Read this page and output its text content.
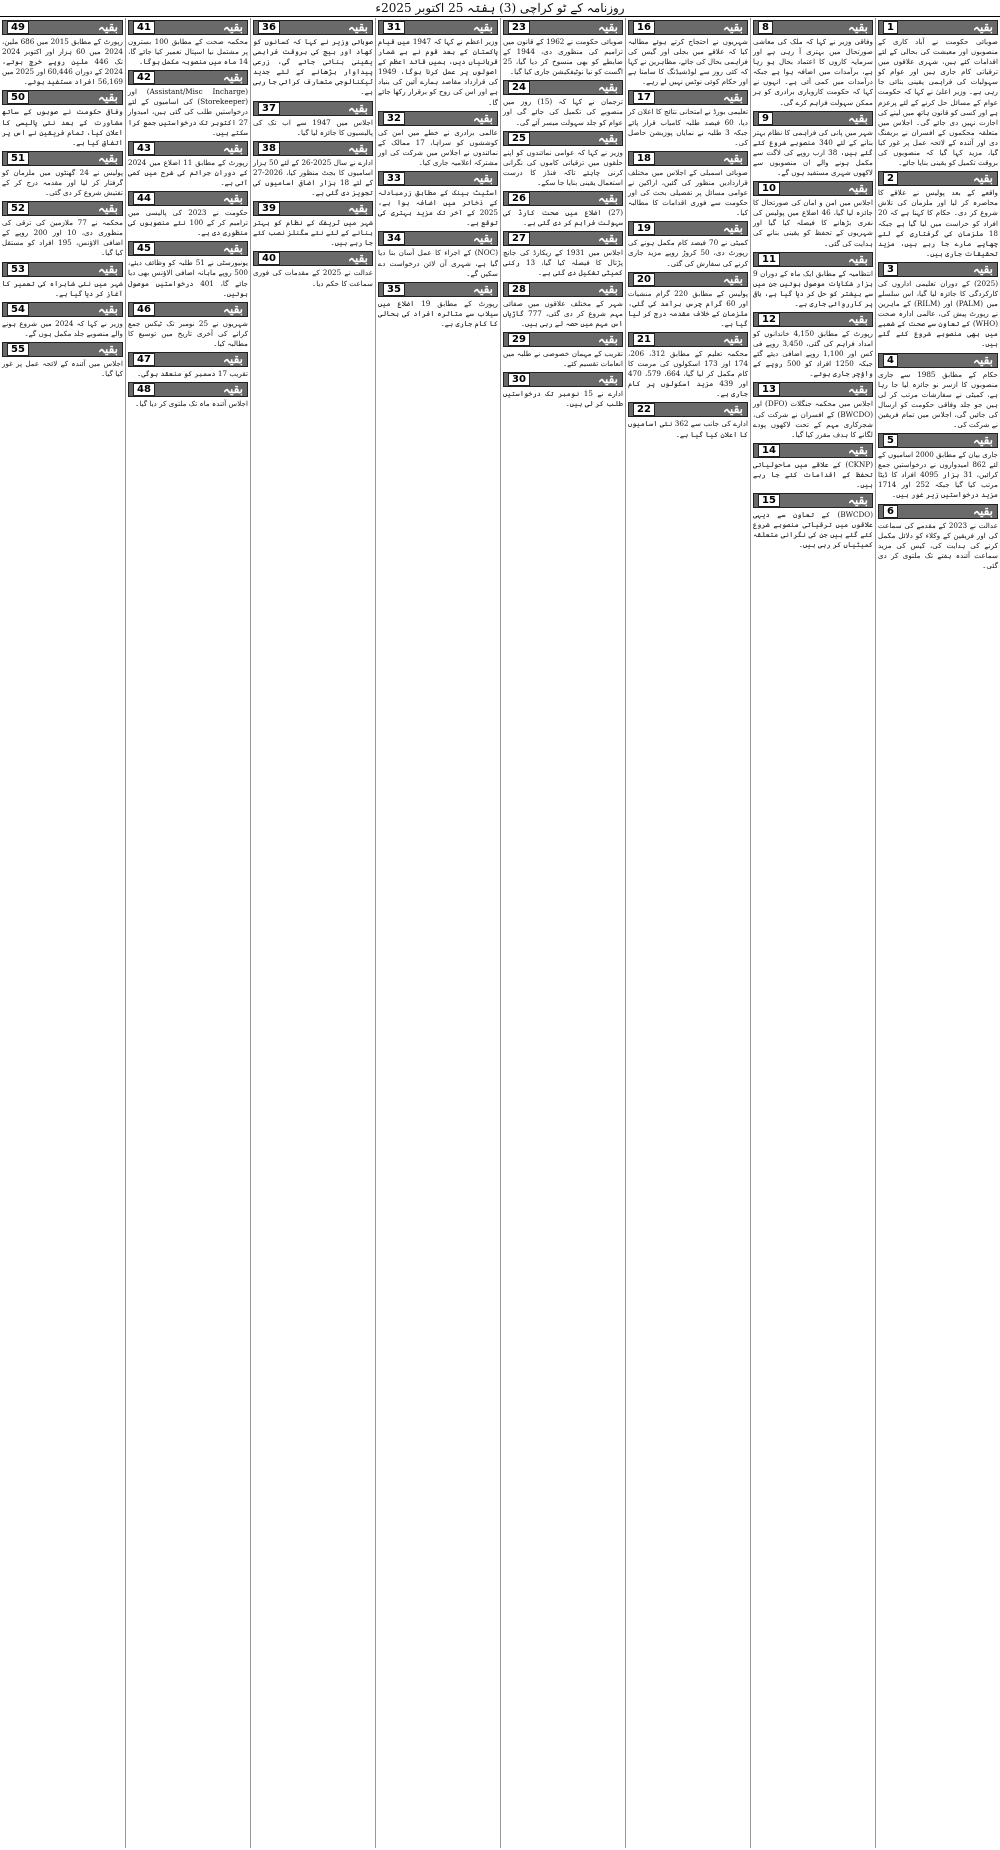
روزنامہ کے ٹو کراچی (3) ہفتہ 25 اکتوبر 2025ء
بقیہ
1
صوبائی حکومت نے آباد کاری کے منصوبوں اور معیشت کی بحالی کے لئے اقدامات کئے ہیں، شہری علاقوں میں ترقیاتی کام جاری ہیں اور عوام کو سہولیات کی فراہمی یقینی بنائی جا رہی ہے۔ وزیر اعلیٰ نے کہا کہ حکومت عوام کے مسائل حل کرنے کے لئے پرعزم ہے اور کسی کو قانون ہاتھ میں لینے کی اجازت نہیں دی جائے گی۔ اجلاس میں متعلقہ محکموں کے افسران نے بریفنگ دی اور آئندہ کے لائحہ عمل پر غور کیا گیا، مزید کہا گیا کہ منصوبوں کی بروقت تکمیل کو یقینی بنایا جائے۔
بقیہ
2
واقعے کے بعد پولیس نے علاقے کا محاصرہ کر لیا اور ملزمان کی تلاش شروع کر دی۔ حکام کا کہنا ہے کہ 20 افراد کو حراست میں لیا گیا ہے جبکہ 18 ملزمان کی گرفتاری کے لئے چھاپے مارے جا رہے ہیں، مزید تحقیقات جاری ہیں۔
بقیہ
3
(2025) کے دوران تعلیمی اداروں کی کارکردگی کا جائزہ لیا گیا، اس سلسلے میں (PALM) اور (RILM) کے ماہرین نے رپورٹ پیش کی، عالمی ادارہ صحت (WHO) کے تعاون سے صحت کے شعبے میں بھی منصوبے شروع کئے گئے ہیں۔
بقیہ
4
حکام کے مطابق 1985 سے جاری منصوبوں کا ازسر نو جائزہ لیا جا رہا ہے، کمیٹی نے سفارشات مرتب کر لی ہیں جو جلد وفاقی حکومت کو ارسال کی جائیں گی، اجلاس میں تمام فریقین نے شرکت کی۔
بقیہ
5
جاری بیان کے مطابق 2000 اسامیوں کے لئے 862 امیدواروں نے درخواستیں جمع کرائیں، 31 ہزار 4095 افراد کا ڈیٹا مرتب کیا گیا جبکہ 252 اور 1714 مزید درخواستیں زیر غور ہیں۔
بقیہ
6
عدالت نے 2023 کے مقدمے کی سماعت کی اور فریقین کے وکلاء کو دلائل مکمل کرنے کی ہدایت کی، کیس کی مزید سماعت آئندہ ہفتے تک ملتوی کر دی گئی۔
بقیہ
8
وفاقی وزیر نے کہا کہ ملک کی معاشی صورتحال میں بہتری آ رہی ہے اور سرمایہ کاروں کا اعتماد بحال ہو رہا ہے، برآمدات میں اضافہ ہوا ہے جبکہ درآمدات میں کمی آئی ہے۔ انہوں نے کہا کہ حکومت کاروباری برادری کو ہر ممکن سہولت فراہم کرے گی۔
بقیہ
9
شہر میں پانی کی فراہمی کا نظام بہتر بنانے کے لئے 340 منصوبے شروع کئے گئے ہیں، 38 ارب روپے کی لاگت سے مکمل ہونے والے ان منصوبوں سے لاکھوں شہری مستفید ہوں گے۔
بقیہ
10
اجلاس میں امن و امان کی صورتحال کا جائزہ لیا گیا، 46 اضلاع میں پولیس کی نفری بڑھانے کا فیصلہ کیا گیا اور شہریوں کے تحفظ کو یقینی بنانے کی ہدایت کی گئی۔
بقیہ
11
انتظامیہ کے مطابق ایک ماہ کے دوران 9 ہزار شکایات موصول ہوئیں جن میں سے بیشتر کو حل کر دیا گیا ہے، باقی پر کارروائی جاری ہے۔
بقیہ
12
رپورٹ کے مطابق 4,150 خاندانوں کو امداد فراہم کی گئی، 3,450 روپے فی کس اور 1,100 روپے اضافی دیئے گئے جبکہ 1250 افراد کو 500 روپے کے واؤچر جاری ہوئے۔
بقیہ
13
اجلاس میں محکمہ جنگلات (DFO) اور (BWCDO) کے افسران نے شرکت کی، شجرکاری مہم کے تحت لاکھوں پودے لگانے کا ہدف مقرر کیا گیا۔
بقیہ
14
(CKNP) کے علاقے میں ماحولیاتی تحفظ کے اقدامات کئے جا رہے ہیں۔
بقیہ
15
(BWCDO) کے تعاون سے دیہی علاقوں میں ترقیاتی منصوبے شروع کئے گئے ہیں جن کی نگرانی متعلقہ کمیٹیاں کر رہی ہیں۔
بقیہ
16
شہریوں نے احتجاج کرتے ہوئے مطالبہ کیا کہ علاقے میں بجلی اور گیس کی فراہمی بحال کی جائے، مظاہرین نے کہا کہ کئی روز سے لوڈشیڈنگ کا سامنا ہے اور حکام کوئی نوٹس نہیں لے رہے۔
بقیہ
17
تعلیمی بورڈ نے امتحانی نتائج کا اعلان کر دیا، 60 فیصد طلبہ کامیاب قرار پائے جبکہ 3 طلبہ نے نمایاں پوزیشن حاصل کی۔
بقیہ
18
صوبائی اسمبلی کے اجلاس میں مختلف قراردادیں منظور کی گئیں، اراکین نے عوامی مسائل پر تفصیلی بحث کی اور حکومت سے فوری اقدامات کا مطالبہ کیا۔
بقیہ
19
کمیٹی نے 70 فیصد کام مکمل ہونے کی رپورٹ دی، 50 کروڑ روپے مزید جاری کرنے کی سفارش کی گئی۔
بقیہ
20
پولیس کے مطابق 220 گرام منشیات اور 60 گرام چرس برآمد کی گئی، ملزمان کے خلاف مقدمہ درج کر لیا گیا ہے۔
بقیہ
21
محکمہ تعلیم کے مطابق 312، 206، 174 اور 173 اسکولوں کی مرمت کا کام مکمل کر لیا گیا، 664، 579، 470 اور 439 مزید اسکولوں پر کام جاری ہے۔
بقیہ
22
ادارے کی جانب سے 362 نئی اسامیوں کا اعلان کیا گیا ہے۔
بقیہ
23
صوبائی حکومت نے 1962 کے قانون میں ترامیم کی منظوری دی، 1944 کے ضابطے کو بھی منسوخ کر دیا گیا، 25 اگست کو نیا نوٹیفکیشن جاری کیا گیا۔
بقیہ
24
ترجمان نے کہا کہ (15) روز میں منصوبے کی تکمیل کی جائے گی اور عوام کو جلد سہولت میسر آئے گی۔
بقیہ
25
وزیر نے کہا کہ عوامی نمائندوں کو اپنے حلقوں میں ترقیاتی کاموں کی نگرانی کرنی چاہئے تاکہ فنڈز کا درست استعمال یقینی بنایا جا سکے۔
بقیہ
26
(27) اضلاع میں صحت کارڈ کی سہولت فراہم کر دی گئی ہے۔
بقیہ
27
اجلاس میں 1931 کے ریکارڈ کی جانچ پڑتال کا فیصلہ کیا گیا، 13 رکنی کمیٹی تشکیل دی گئی ہے۔
بقیہ
28
شہر کے مختلف علاقوں میں صفائی مہم شروع کر دی گئی، 777 گاڑیاں اس مہم میں حصہ لے رہی ہیں۔
بقیہ
29
تقریب کے مہمان خصوصی نے طلبہ میں انعامات تقسیم کئے۔
بقیہ
30
ادارے نے 15 نومبر تک درخواستیں طلب کر لی ہیں۔
بقیہ
31
وزیر اعظم نے کہا کہ 1947 میں قیام پاکستان کے بعد قوم نے بے شمار قربانیاں دیں، ہمیں قائد اعظم کے اصولوں پر عمل کرنا ہوگا، 1949 کی قرارداد مقاصد ہمارے آئین کی بنیاد ہے اور اس کی روح کو برقرار رکھا جائے گا۔
بقیہ
32
عالمی برادری نے خطے میں امن کی کوششوں کو سراہا، 17 ممالک کے نمائندوں نے اجلاس میں شرکت کی اور مشترکہ اعلامیہ جاری کیا۔
بقیہ
33
اسٹیٹ بینک کے مطابق زرمبادلہ کے ذخائر میں اضافہ ہوا ہے، 2025 کے آخر تک مزید بہتری کی توقع ہے۔
بقیہ
34
(NOC) کے اجراء کا عمل آسان بنا دیا گیا ہے، شہری آن لائن درخواست دے سکیں گے۔
بقیہ
35
رپورٹ کے مطابق 19 اضلاع میں سیلاب سے متاثرہ افراد کی بحالی کا کام جاری ہے۔
بقیہ
36
صوبائی وزیر نے کہا کہ کسانوں کو کھاد اور بیج کی بروقت فراہمی یقینی بنائی جائے گی، زرعی پیداوار بڑھانے کے لئے جدید ٹیکنالوجی متعارف کرائی جا رہی ہے۔
بقیہ
37
اجلاس میں 1947 سے اب تک کی پالیسیوں کا جائزہ لیا گیا۔
بقیہ
38
ادارے نے سال 2025-26 کے لئے 50 ہزار اسامیوں کا بجٹ منظور کیا، 2026-27 کے لئے 18 ہزار اضافی اسامیوں کی تجویز دی گئی ہے۔
بقیہ
39
شہر میں ٹریفک کے نظام کو بہتر بنانے کے لئے نئے سگنلز نصب کئے جا رہے ہیں۔
بقیہ
40
عدالت نے 2025 کے مقدمات کی فوری سماعت کا حکم دیا۔
بقیہ
41
محکمہ صحت کے مطابق 100 بستروں پر مشتمل نیا اسپتال تعمیر کیا جائے گا، 14 ماہ میں منصوبہ مکمل ہوگا۔
بقیہ
42
(Assistant/Misc Incharge) اور (Storekeeper) کی اسامیوں کے لئے درخواستیں طلب کی گئی ہیں، امیدوار 27 اکتوبر تک درخواستیں جمع کرا سکتے ہیں۔
بقیہ
43
رپورٹ کے مطابق 11 اضلاع میں 2024 کے دوران جرائم کی شرح میں کمی آئی ہے۔
بقیہ
44
حکومت نے 2023 کی پالیسی میں ترامیم کر کے 100 نئے منصوبوں کی منظوری دی ہے۔
بقیہ
45
یونیورسٹی نے 51 طلبہ کو وظائف دیئے، 500 روپے ماہانہ اضافی الاؤنس بھی دیا جائے گا، 401 درخواستیں موصول ہوئیں۔
بقیہ
46
شہریوں نے 25 نومبر تک ٹیکس جمع کرانے کی آخری تاریخ میں توسیع کا مطالبہ کیا۔
بقیہ
47
تقریب 17 دسمبر کو منعقد ہوگی۔
بقیہ
48
اجلاس آئندہ ماہ تک ملتوی کر دیا گیا۔
بقیہ
49
رپورٹ کے مطابق 2015 میں 686 ملین، 2024 میں 60 ہزار اور اکتوبر 2024 تک 446 ملین روپے خرچ ہوئے، 2024 کے دوران 60,446 اور 2025 میں 56,169 افراد مستفید ہوئے۔
بقیہ
50
وفاقی حکومت نے صوبوں کے ساتھ مشاورت کے بعد نئی پالیسی کا اعلان کیا، تمام فریقین نے اس پر اتفاق کیا ہے۔
بقیہ
51
پولیس نے 24 گھنٹوں میں ملزمان کو گرفتار کر لیا اور مقدمہ درج کر کے تفتیش شروع کر دی گئی۔
بقیہ
52
محکمہ نے 77 ملازمین کی ترقی کی منظوری دی، 10 اور 200 روپے کے اضافی الاؤنس، 195 افراد کو مستقل کیا گیا۔
بقیہ
53
شہر میں نئی شاہراہ کی تعمیر کا آغاز کر دیا گیا ہے۔
بقیہ
54
وزیر نے کہا کہ 2024 میں شروع ہونے والے منصوبے جلد مکمل ہوں گے۔
بقیہ
55
اجلاس میں آئندہ کے لائحہ عمل پر غور کیا گیا۔
